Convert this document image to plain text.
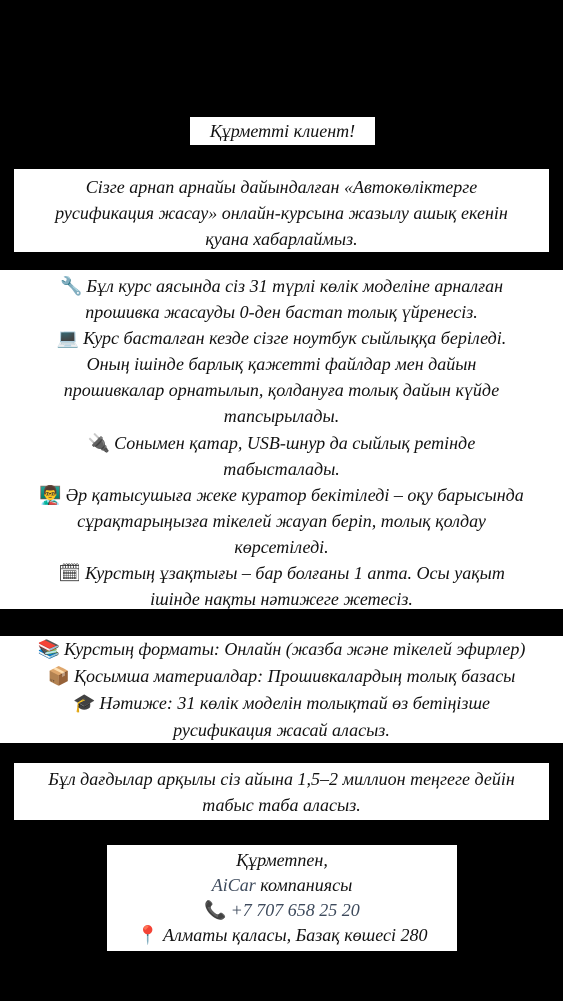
Құрметті клиент!
Сізге арнап арнайы дайындалған «Автокөліктерге
русификация жасау» онлайн-курсына жазылу ашық екенін
қуана хабарлаймыз.
🔧 Бұл курс аясында сіз 31 түрлі көлік моделіне арналған
прошивка жасауды 0-ден бастап толық үйренесіз.
💻 Курс басталған кезде сізге ноутбук сыйлыққа беріледі.
Оның ішінде барлық қажетті файлдар мен дайын
прошивкалар орнатылып, қолдануға толық дайын күйде
тапсырылады.
🔌 Сонымен қатар, USB-шнур да сыйлық ретінде
табысталады.
👨‍🏫 Әр қатысушыға жеке куратор бекітіледі – оқу барысында
сұрақтарыңызға тікелей жауап беріп, толық қолдау
көрсетіледі.
🗓 Курстың ұзақтығы – бар болғаны 1 апта. Осы уақыт
ішінде нақты нәтижеге жетесіз.
📚 Курстың форматы: Онлайн (жазба және тікелей эфирлер)
📦 Қосымша материалдар: Прошивкалардың толық базасы
🎓 Нәтиже: 31 көлік моделін толықтай өз бетіңізше
русификация жасай аласыз.
Бұл дағдылар арқылы сіз айына 1,5–2 миллион теңгеге дейін
табыс таба аласыз.
Құрметпен,
AiCar компаниясы
📞 +7 707 658 25 20
📍 Алматы қаласы, Базақ көшесі 280
